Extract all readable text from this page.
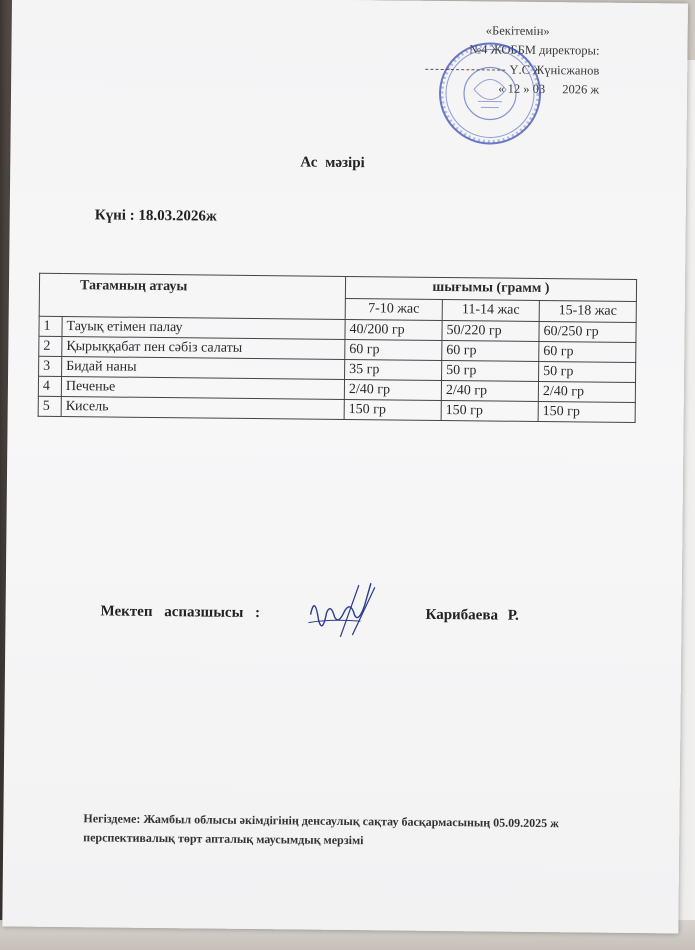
«Бекітемін»
№4 ЖОББМ директоры:
Ү.С Жүнісжанов
« 12 » 03 2026 ж
Ас мәзірі
Күні : 18.03.2026ж
Тағамның атауы		шығымы (грамм )		
		7-10 жас	11-14 жас	15-18 жас
1	Тауық етімен палау	40/200 гр	50/220 гр	60/250 гр
2	Қырыққабат пен сәбіз салаты	60 гр	60 гр	60 гр
3	Бидай наны	35 гр	50 гр	50 гр
4	Печенье	2/40 гр	2/40 гр	2/40 гр
5	Кисель	150 гр	150 гр	150 гр
Мектеп аспазшысы :	Карибаева Р.
Негіздеме: Жамбыл облысы әкімдігінің денсаулық сақтау басқармасының 05.09.2025 ж
перспективалық төрт апталық маусымдық мерзімі
